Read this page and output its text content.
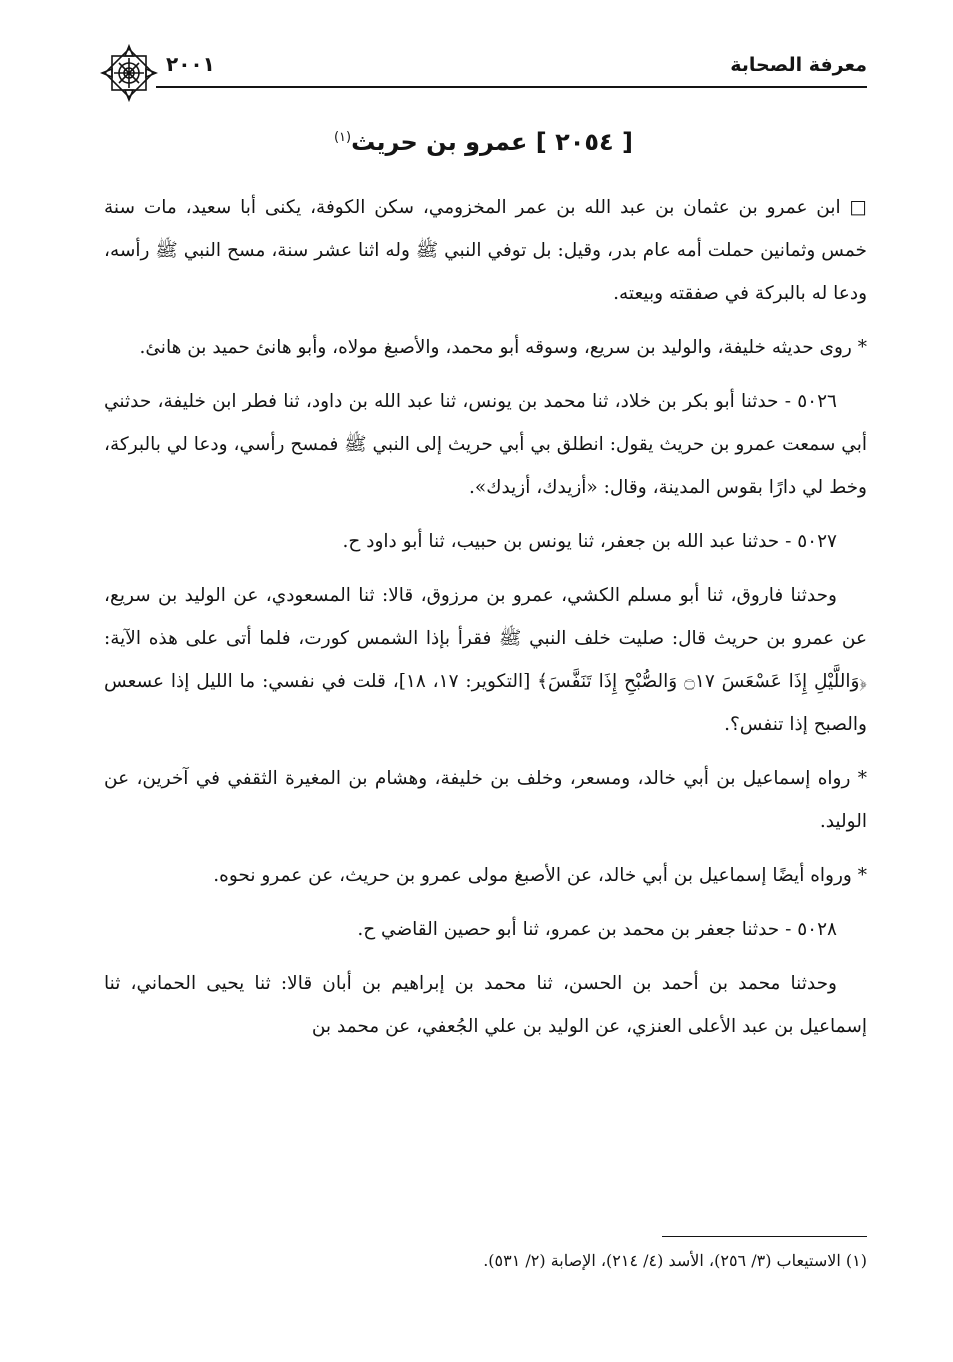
معرفة الصحابة
٢٠٠١
[ ٢٠٥٤ ] عمرو بن حريث$^{(١)}$

□ ابن عمرو بن عثمان بن عبد الله بن عمر المخزومي، سكن الكوفة، يكنى أبا سعيد، مات سنة خمس وثمانين حملت أمه عام بدر، وقيل: بل توفي النبي ﷺ وله اثنا عشر سنة، مسح النبي ﷺ رأسه، ودعا له بالبركة في صفقته وبيعته.

* روى حديثه خليفة، والوليد بن سريع، وسوقه أبو محمد، والأصبغ مولاه، وأبو هانئ حميد بن هانئ.

٥٠٢٦ - حدثنا أبو بكر بن خلاد، ثنا محمد بن يونس، ثنا عبد الله بن داود، ثنا فطر ابن خليفة، حدثني أبي سمعت عمرو بن حريث يقول: انطلق بي أبي حريث إلى النبي ﷺ فمسح رأسي، ودعا لي بالبركة، وخط لي دارًا بقوس المدينة، وقال: «أزيدك، أزيدك».

٥٠٢٧ - حدثنا عبد الله بن جعفر، ثنا يونس بن حبيب، ثنا أبو داود ح.

وحدثنا فاروق، ثنا أبو مسلم الكشي، عمرو بن مرزوق، قالا: ثنا المسعودي، عن الوليد بن سريع، عن عمرو بن حريث قال: صليت خلف النبي ﷺ فقرأ بإذا الشمس كورت، فلما أتى على هذه الآية: ﴿وَاللَّيْلِ إِذَا عَسْعَسَ ۝١٧ وَالصُّبْحِ إِذَا تَنَفَّسَ﴾ [التكوير: ١٧، ١٨]، قلت في نفسي: ما الليل إذا عسعس والصبح إذا تنفس؟.

* رواه إسماعيل بن أبي خالد، ومسعر، وخلف بن خليفة، وهشام بن المغيرة الثقفي في آخرين، عن الوليد.

* ورواه أيضًا إسماعيل بن أبي خالد، عن الأصبغ مولى عمرو بن حريث، عن عمرو نحوه.

٥٠٢٨ - حدثنا جعفر بن محمد بن عمرو، ثنا أبو حصين القاضي ح.

وحدثنا محمد بن أحمد بن الحسن، ثنا محمد بن إبراهيم بن أبان قالا: ثنا يحيى الحماني، ثنا إسماعيل بن عبد الأعلى العنزي، عن الوليد بن علي الجُعفي، عن محمد بن

(١) الاستيعاب (٣/ ٢٥٦)، الأسد (٤/ ٢١٤)، الإصابة (٢/ ٥٣١).
